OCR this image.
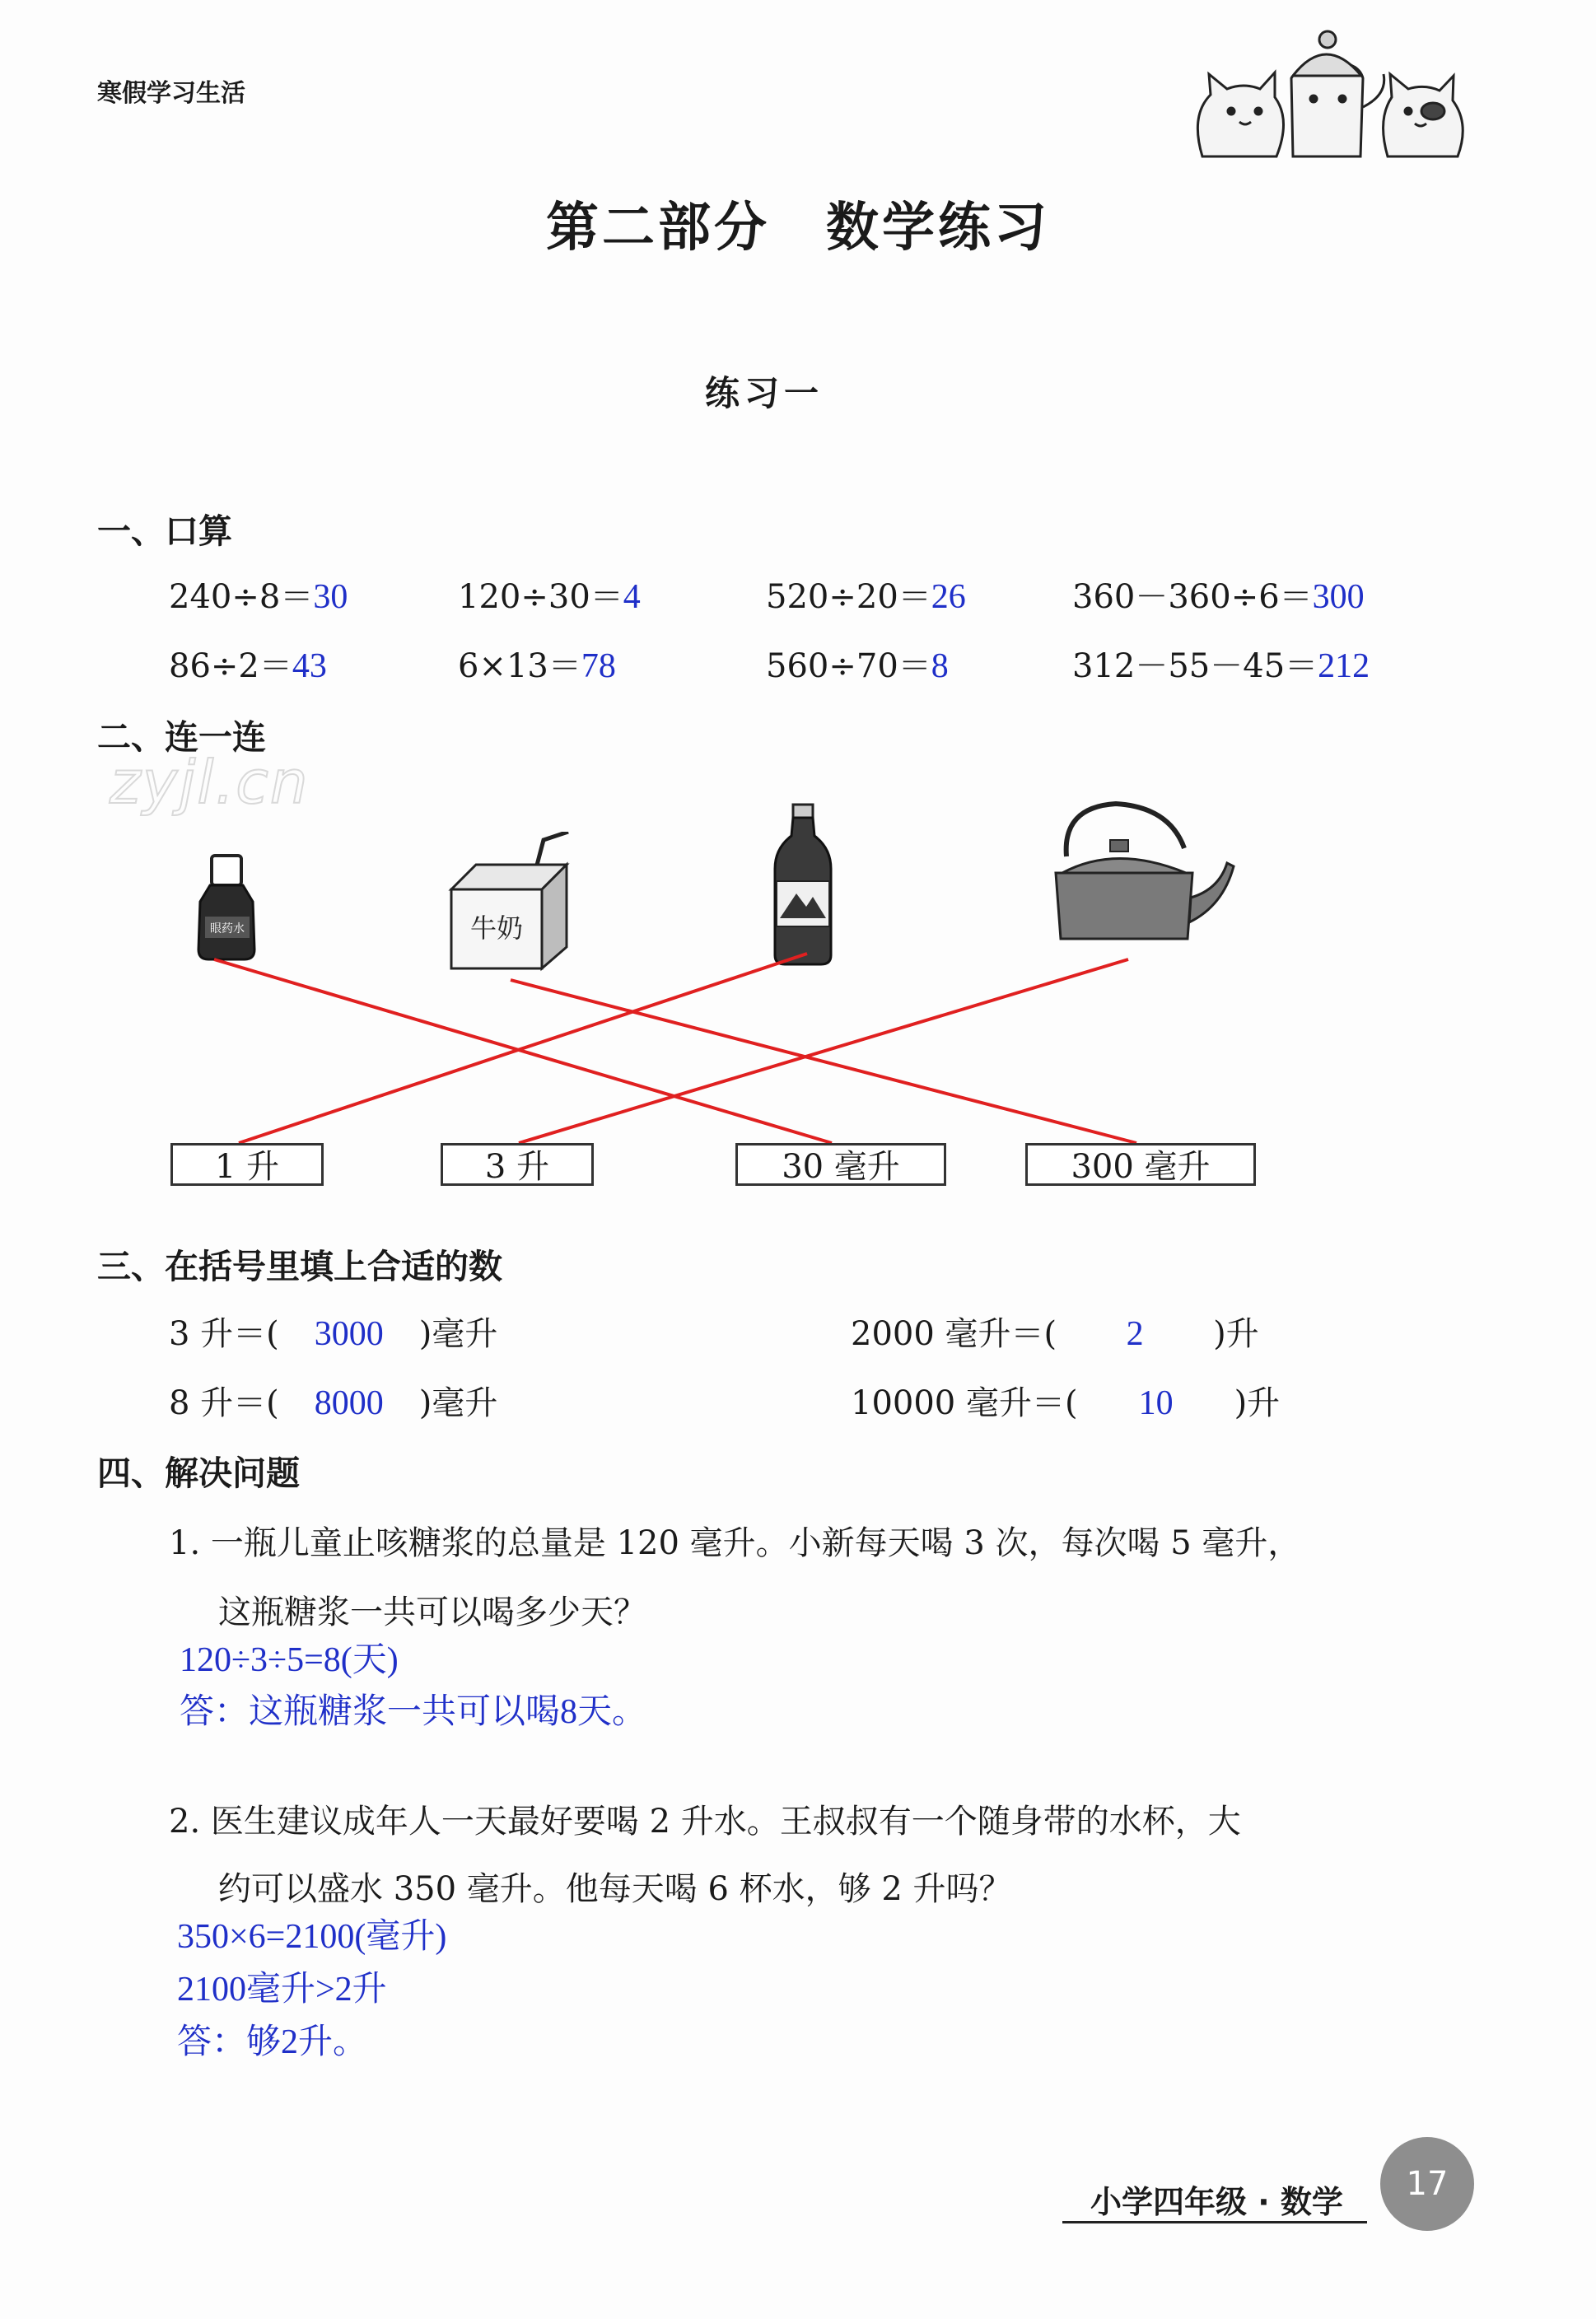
寒假学习生活
第二部分　数学练习
练习一
一、口算
240÷8＝30	120÷30＝4	520÷20＝26	360－360÷6＝300
86÷2＝43	6×13＝78	560÷70＝8	312－55－45＝212
二、连一连
zyjl.cn
眼药水	牛奶
1 升	3 升	30 毫升	300 毫升
三、在括号里填上合适的数
3 升＝( 3000 )毫升	2000 毫升＝( 2 )升
8 升＝( 8000 )毫升	10000 毫升＝( 10 )升
四、解决问题
1. 一瓶儿童止咳糖浆的总量是 120 毫升。小新每天喝 3 次，每次喝 5 毫升，
这瓶糖浆一共可以喝多少天？
120÷3÷5=8(天)
答：这瓶糖浆一共可以喝8天。
2. 医生建议成年人一天最好要喝 2 升水。王叔叔有一个随身带的水杯，大
约可以盛水 350 毫升。他每天喝 6 杯水，够 2 升吗？
350×6=2100(毫升)
2100毫升>2升
答：够2升。
小学四年级 · 数学	17
